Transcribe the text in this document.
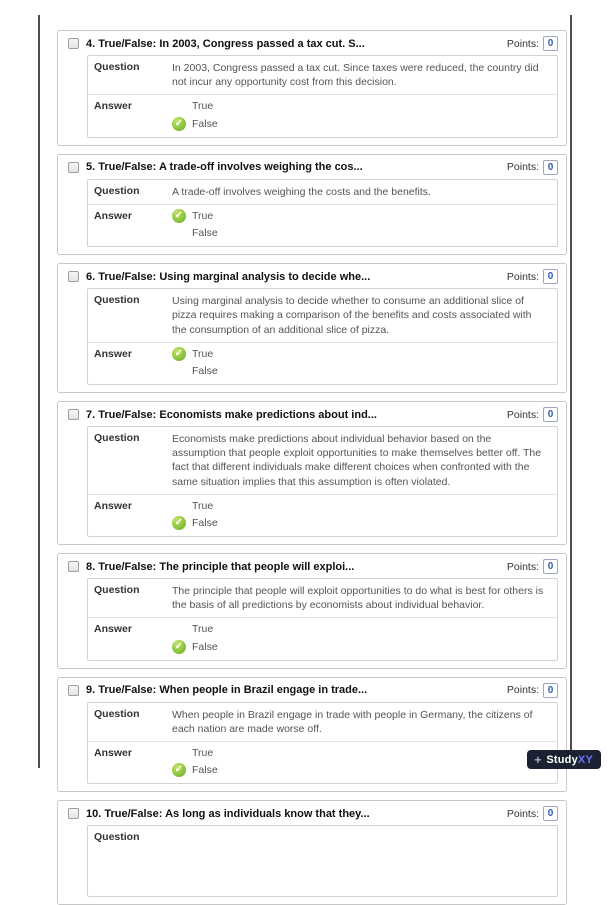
4. True/False: In 2003, Congress passed a tax cut. S...	Points: 0
Question	In 2003, Congress passed a tax cut. Since taxes were reduced, the country did not incur any opportunity cost from this decision.
Answer	True
✓ False
5. True/False: A trade-off involves weighing the cos...	Points: 0
Question	A trade-off involves weighing the costs and the benefits.
Answer	✓ True
False
6. True/False: Using marginal analysis to decide whe...	Points: 0
Question	Using marginal analysis to decide whether to consume an additional slice of pizza requires making a comparison of the benefits and costs associated with the consumption of an additional slice of pizza.
Answer	✓ True
False
7. True/False: Economists make predictions about ind...	Points: 0
Question	Economists make predictions about individual behavior based on the assumption that people exploit opportunities to make themselves better off. The fact that different individuals make different choices when confronted with the same situation implies that this assumption is often violated.
Answer	True
✓ False
8. True/False: The principle that people will exploi...	Points: 0
Question	The principle that people will exploit opportunities to do what is best for others is the basis of all predictions by economists about individual behavior.
Answer	True
✓ False
9. True/False: When people in Brazil engage in trade...	Points: 0
Question	When people in Brazil engage in trade with people in Germany, the citizens of each nation are made worse off.
Answer	True
✓ False
10. True/False: As long as individuals know that they...	Points: 0
Question
+ StudyXY
